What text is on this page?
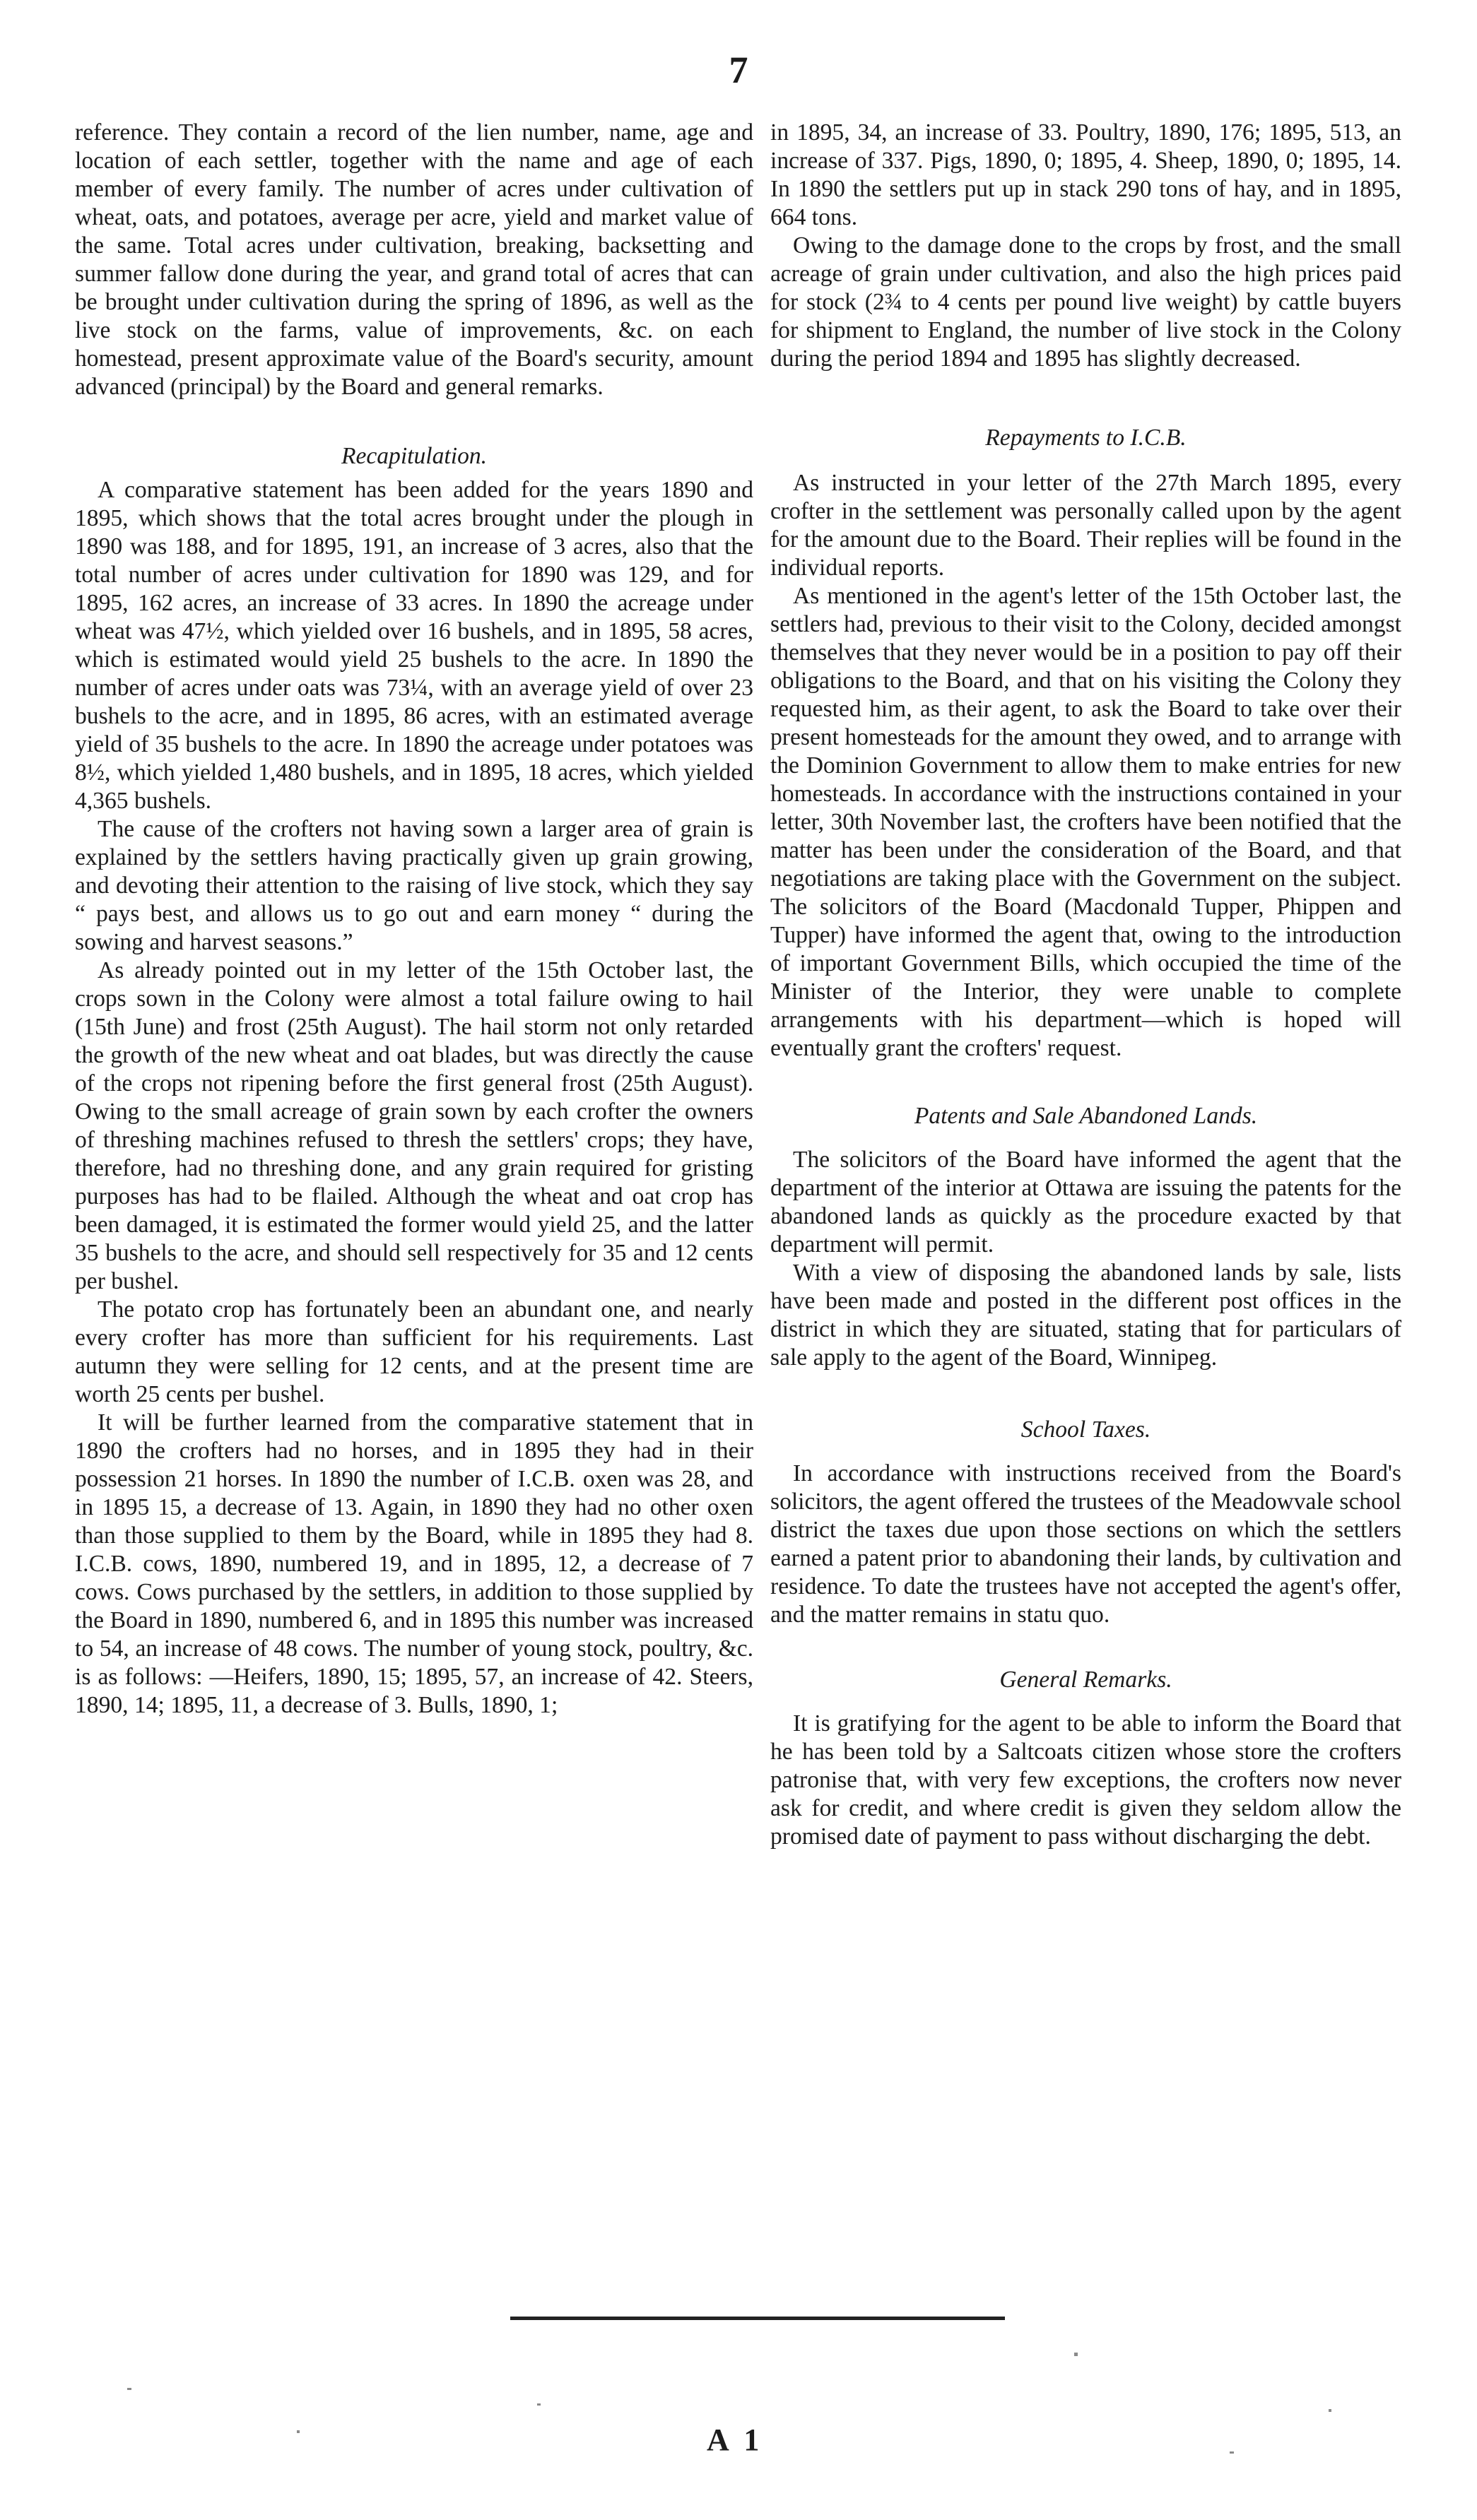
7

reference. They contain a record of the lien number, name, age and location of each settler, together with the name and age of each member of every family. The number of acres under cultivation of wheat, oats, and potatoes, average per acre, yield and market value of the same. Total acres under cultivation, breaking, backsetting and summer fallow done during the year, and grand total of acres that can be brought under cultivation during the spring of 1896, as well as the live stock on the farms, value of improvements, &c. on each homestead, present approximate value of the Board's security, amount advanced (principal) by the Board and general remarks.

Recapitulation.

A comparative statement has been added for the years 1890 and 1895, which shows that the total acres brought under the plough in 1890 was 188, and for 1895, 191, an increase of 3 acres, also that the total number of acres under cultivation for 1890 was 129, and for 1895, 162 acres, an increase of 33 acres. In 1890 the acreage under wheat was 47½, which yielded over 16 bushels, and in 1895, 58 acres, which is estimated would yield 25 bushels to the acre. In 1890 the number of acres under oats was 73¼, with an average yield of over 23 bushels to the acre, and in 1895, 86 acres, with an estimated average yield of 35 bushels to the acre. In 1890 the acreage under potatoes was 8½, which yielded 1,480 bushels, and in 1895, 18 acres, which yielded 4,365 bushels.

The cause of the crofters not having sown a larger area of grain is explained by the settlers having practically given up grain growing, and devoting their attention to the raising of live stock, which they say “ pays best, and allows us to go out and earn money “ during the sowing and harvest seasons.”

As already pointed out in my letter of the 15th October last, the crops sown in the Colony were almost a total failure owing to hail (15th June) and frost (25th August). The hail storm not only retarded the growth of the new wheat and oat blades, but was directly the cause of the crops not ripening before the first general frost (25th August). Owing to the small acreage of grain sown by each crofter the owners of threshing machines refused to thresh the settlers' crops; they have, therefore, had no threshing done, and any grain required for gristing purposes has had to be flailed. Although the wheat and oat crop has been damaged, it is estimated the former would yield 25, and the latter 35 bushels to the acre, and should sell respectively for 35 and 12 cents per bushel.

The potato crop has fortunately been an abundant one, and nearly every crofter has more than sufficient for his requirements. Last autumn they were selling for 12 cents, and at the present time are worth 25 cents per bushel.

It will be further learned from the comparative statement that in 1890 the crofters had no horses, and in 1895 they had in their possession 21 horses. In 1890 the number of I.C.B. oxen was 28, and in 1895 15, a decrease of 13. Again, in 1890 they had no other oxen than those supplied to them by the Board, while in 1895 they had 8. I.C.B. cows, 1890, numbered 19, and in 1895, 12, a decrease of 7 cows. Cows purchased by the settlers, in addition to those supplied by the Board in 1890, numbered 6, and in 1895 this number was increased to 54, an increase of 48 cows. The number of young stock, poultry, &c. is as follows: —Heifers, 1890, 15; 1895, 57, an increase of 42. Steers, 1890, 14; 1895, 11, a decrease of 3. Bulls, 1890, 1;

in 1895, 34, an increase of 33. Poultry, 1890, 176; 1895, 513, an increase of 337. Pigs, 1890, 0; 1895, 4. Sheep, 1890, 0; 1895, 14. In 1890 the settlers put up in stack 290 tons of hay, and in 1895, 664 tons.

Owing to the damage done to the crops by frost, and the small acreage of grain under cultivation, and also the high prices paid for stock (2¾ to 4 cents per pound live weight) by cattle buyers for shipment to England, the number of live stock in the Colony during the period 1894 and 1895 has slightly decreased.

Repayments to I.C.B.

As instructed in your letter of the 27th March 1895, every crofter in the settlement was personally called upon by the agent for the amount due to the Board. Their replies will be found in the individual reports.

As mentioned in the agent's letter of the 15th October last, the settlers had, previous to their visit to the Colony, decided amongst themselves that they never would be in a position to pay off their obligations to the Board, and that on his visiting the Colony they requested him, as their agent, to ask the Board to take over their present homesteads for the amount they owed, and to arrange with the Dominion Government to allow them to make entries for new homesteads. In accordance with the instructions contained in your letter, 30th November last, the crofters have been notified that the matter has been under the consideration of the Board, and that negotiations are taking place with the Government on the subject. The solicitors of the Board (Macdonald Tupper, Phippen and Tupper) have informed the agent that, owing to the introduction of important Government Bills, which occupied the time of the Minister of the Interior, they were unable to complete arrangements with his department—which is hoped will eventually grant the crofters' request.

Patents and Sale Abandoned Lands.

The solicitors of the Board have informed the agent that the department of the interior at Ottawa are issuing the patents for the abandoned lands as quickly as the procedure exacted by that department will permit.

With a view of disposing the abandoned lands by sale, lists have been made and posted in the different post offices in the district in which they are situated, stating that for particulars of sale apply to the agent of the Board, Winnipeg.

School Taxes.

In accordance with instructions received from the Board's solicitors, the agent offered the trustees of the Meadowvale school district the taxes due upon those sections on which the settlers earned a patent prior to abandoning their lands, by cultivation and residence. To date the trustees have not accepted the agent's offer, and the matter remains in statu quo.

General Remarks.

It is gratifying for the agent to be able to inform the Board that he has been told by a Saltcoats citizen whose store the crofters patronise that, with very few exceptions, the crofters now never ask for credit, and where credit is given they seldom allow the promised date of payment to pass without discharging the debt.

A 1
